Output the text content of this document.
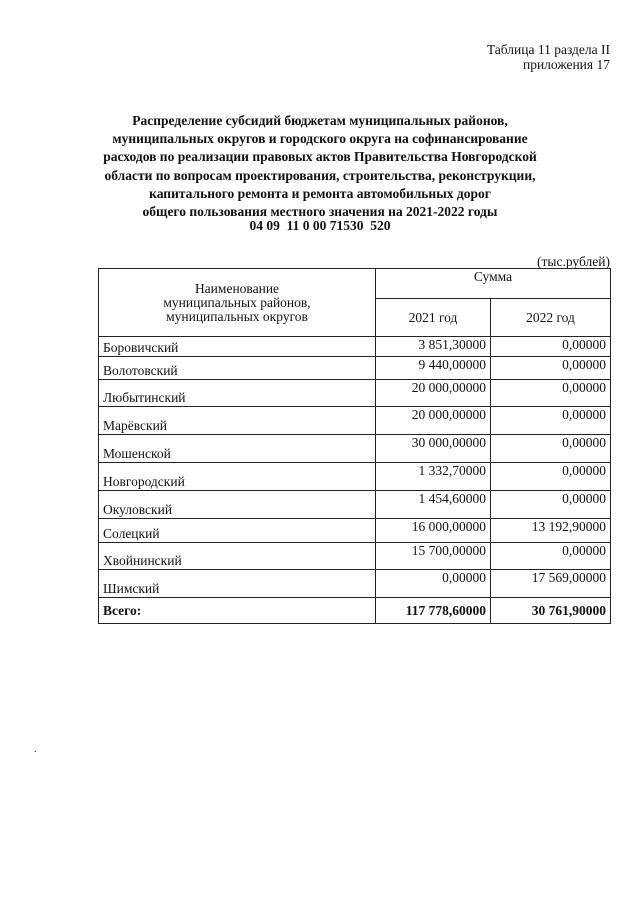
Таблица 11 раздела II
приложения 17
Распределение субсидий бюджетам муниципальных районов,
муниципальных округов и городского округа на софинансирование
расходов по реализации правовых актов Правительства Новгородской
области по вопросам проектирования, строительства, реконструкции,
капитального ремонта и ремонта автомобильных дорог
общего пользования местного значения на 2021-2022 годы
04 09  11 0 00 71530  520
(тыс.рублей)
Наименование
муниципальных районов,
муниципальных округов	Сумма	
	2021 год	2022 год
Боровичский	3 851,30000	0,00000
Волотовский	9 440,00000	0,00000
Любытинский	20 000,00000	0,00000
Марёвский	20 000,00000	0,00000
Мошенской	30 000,00000	0,00000
Новгородский	1 332,70000	0,00000
Окуловский	1 454,60000	0,00000
Солецкий	16 000,00000	13 192,90000
Хвойнинский	15 700,00000	0,00000
Шимский	0,00000	17 569,00000
Всего:	117 778,60000	30 761,90000
.
